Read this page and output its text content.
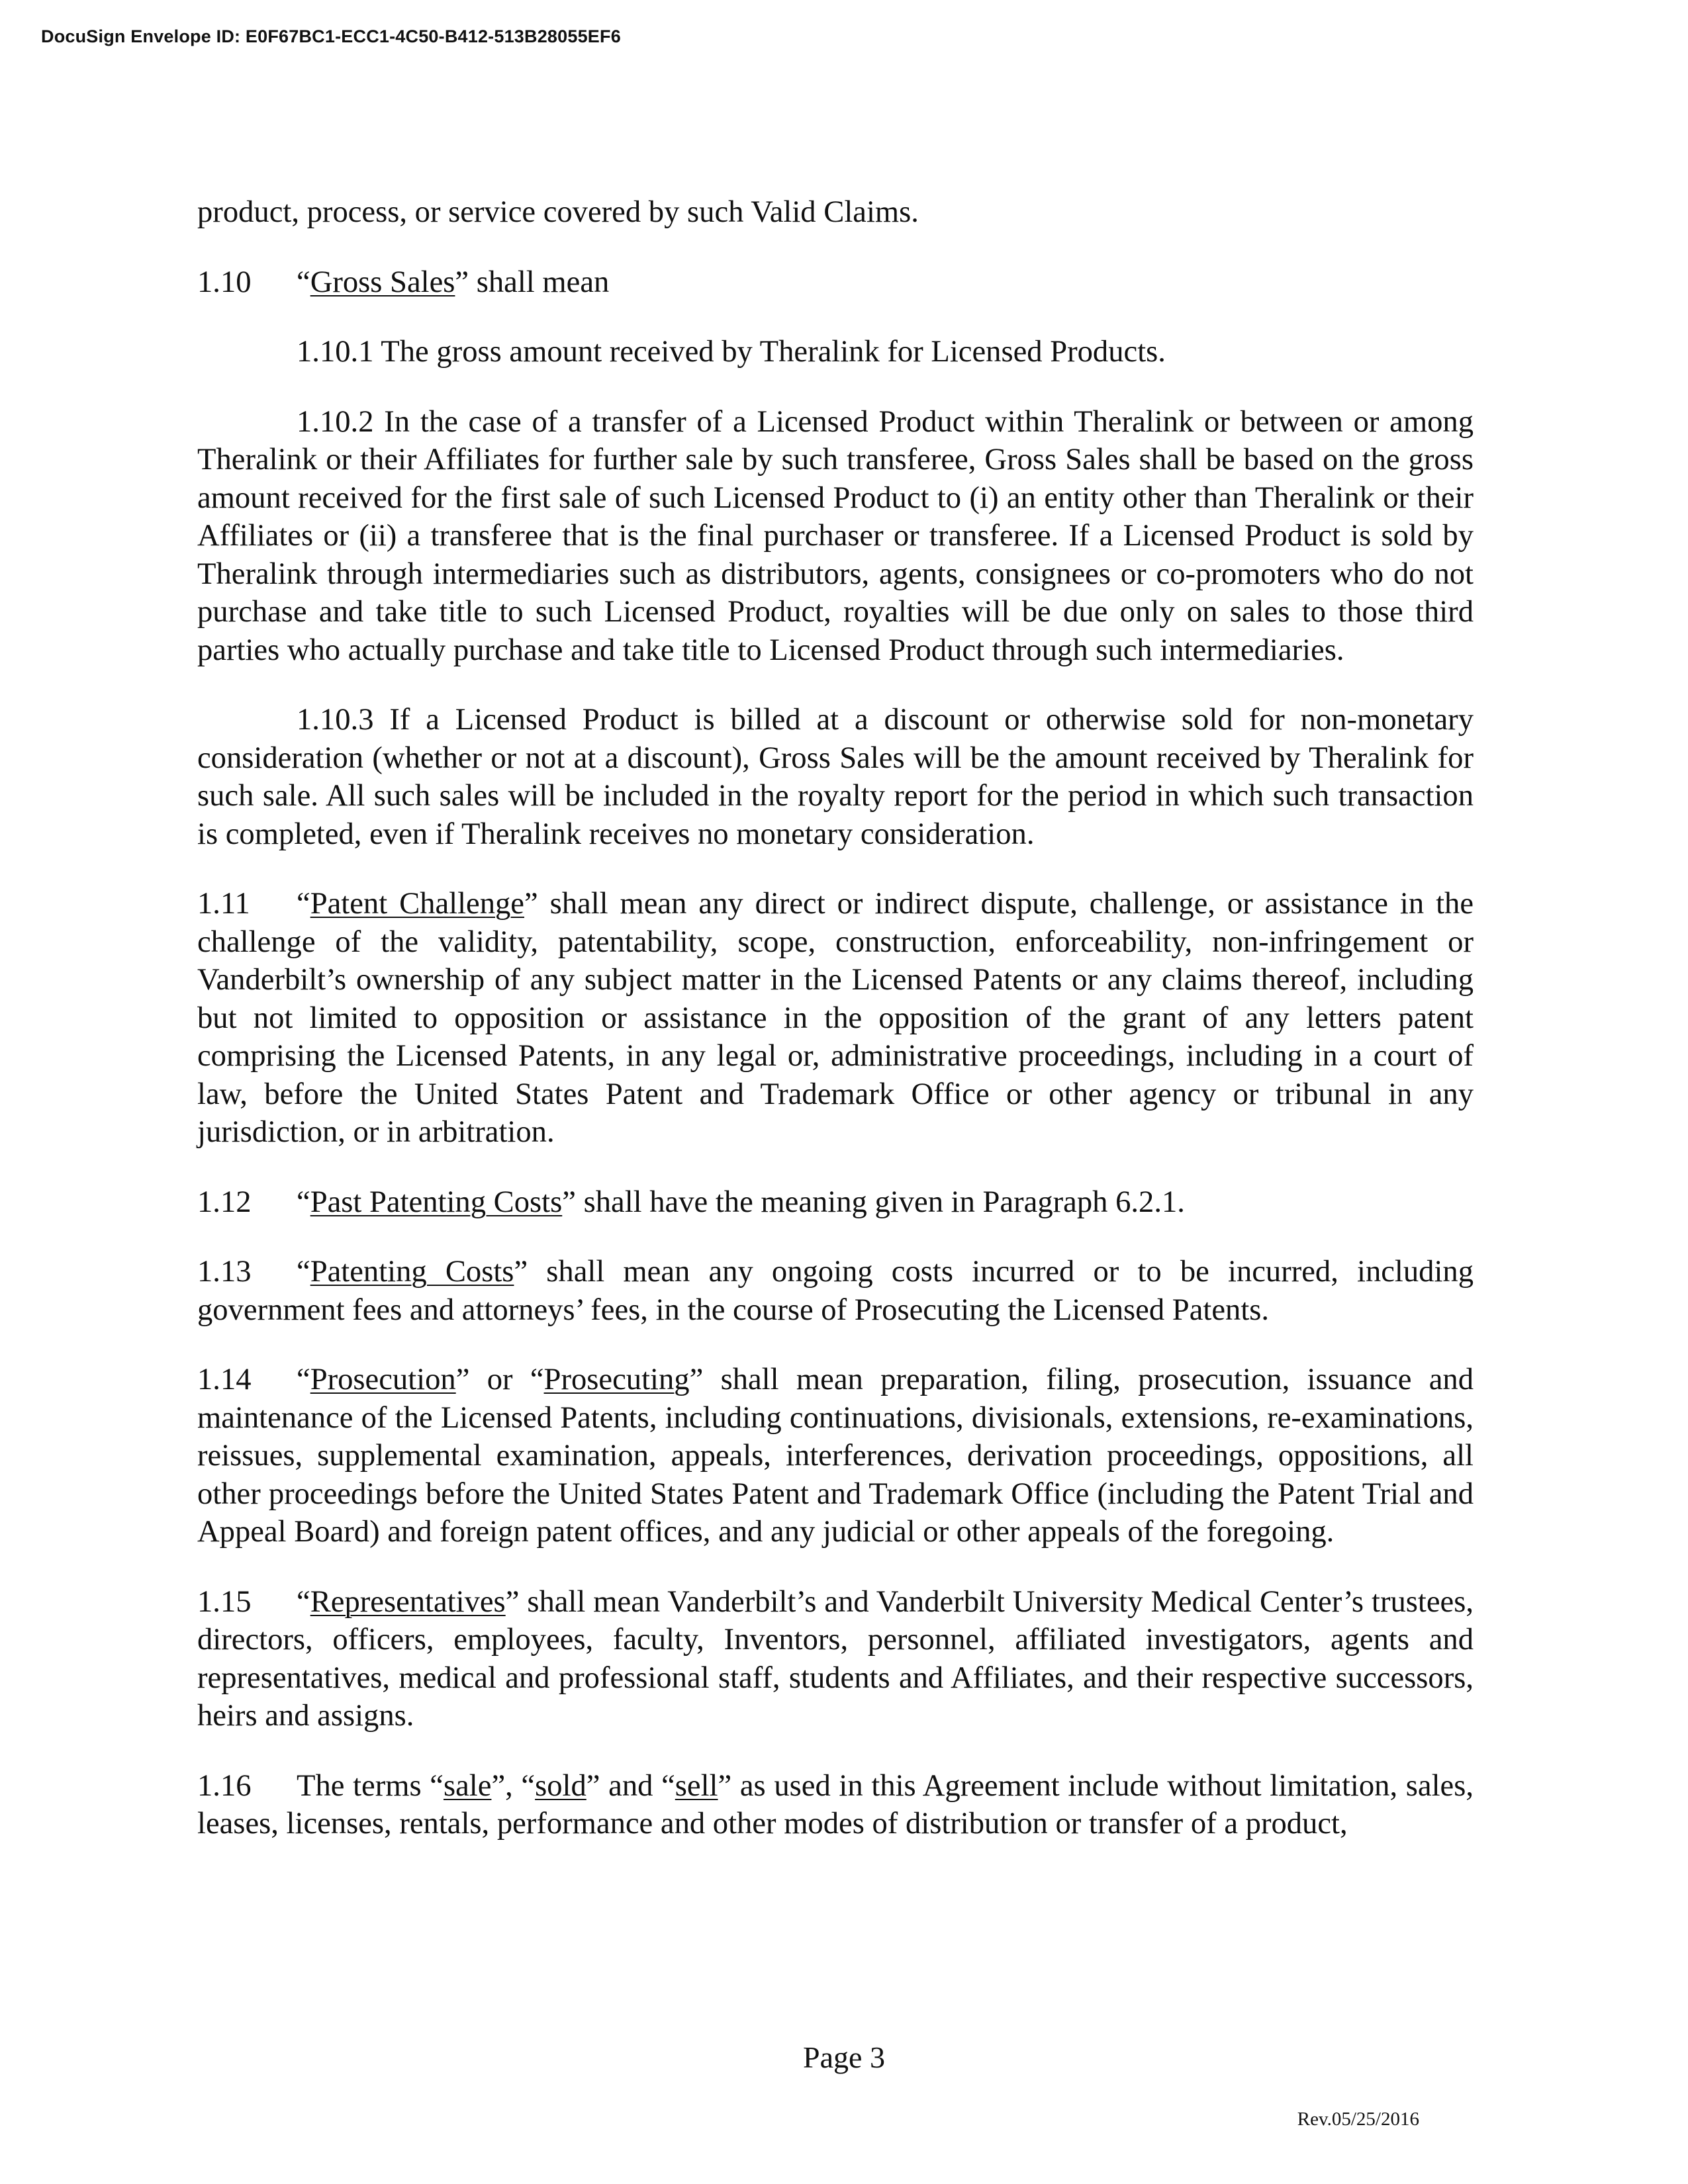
DocuSign Envelope ID: E0F67BC1-ECC1-4C50-B412-513B28055EF6

product, process, or service covered by such Valid Claims.

1.10 “Gross Sales” shall mean

1.10.1 The gross amount received by Theralink for Licensed Products.

1.10.2 In the case of a transfer of a Licensed Product within Theralink or between or among Theralink or their Affiliates for further sale by such transferee, Gross Sales shall be based on the gross amount received for the first sale of such Licensed Product to (i) an entity other than Theralink or their Affiliates or (ii) a transferee that is the final purchaser or transferee. If a Licensed Product is sold by Theralink through intermediaries such as distributors, agents, consignees or co-promoters who do not purchase and take title to such Licensed Product, royalties will be due only on sales to those third parties who actually purchase and take title to Licensed Product through such intermediaries.

1.10.3 If a Licensed Product is billed at a discount or otherwise sold for non-monetary consideration (whether or not at a discount), Gross Sales will be the amount received by Theralink for such sale. All such sales will be included in the royalty report for the period in which such transaction is completed, even if Theralink receives no monetary consideration.

1.11 “Patent Challenge” shall mean any direct or indirect dispute, challenge, or assistance in the challenge of the validity, patentability, scope, construction, enforceability, non-infringement or Vanderbilt’s ownership of any subject matter in the Licensed Patents or any claims thereof, including but not limited to opposition or assistance in the opposition of the grant of any letters patent comprising the Licensed Patents, in any legal or, administrative proceedings, including in a court of law, before the United States Patent and Trademark Office or other agency or tribunal in any jurisdiction, or in arbitration.

1.12 “Past Patenting Costs” shall have the meaning given in Paragraph 6.2.1.

1.13 “Patenting Costs” shall mean any ongoing costs incurred or to be incurred, including government fees and attorneys’ fees, in the course of Prosecuting the Licensed Patents.

1.14 “Prosecution” or “Prosecuting” shall mean preparation, filing, prosecution, issuance and maintenance of the Licensed Patents, including continuations, divisionals, extensions, re-examinations, reissues, supplemental examination, appeals, interferences, derivation proceedings, oppositions, all other proceedings before the United States Patent and Trademark Office (including the Patent Trial and Appeal Board) and foreign patent offices, and any judicial or other appeals of the foregoing.

1.15 “Representatives” shall mean Vanderbilt’s and Vanderbilt University Medical Center’s trustees, directors, officers, employees, faculty, Inventors, personnel, affiliated investigators, agents and representatives, medical and professional staff, students and Affiliates, and their respective successors, heirs and assigns.

1.16 The terms “sale”, “sold” and “sell” as used in this Agreement include without limitation, sales, leases, licenses, rentals, performance and other modes of distribution or transfer of a product,

Page 3

Rev.05/25/2016
